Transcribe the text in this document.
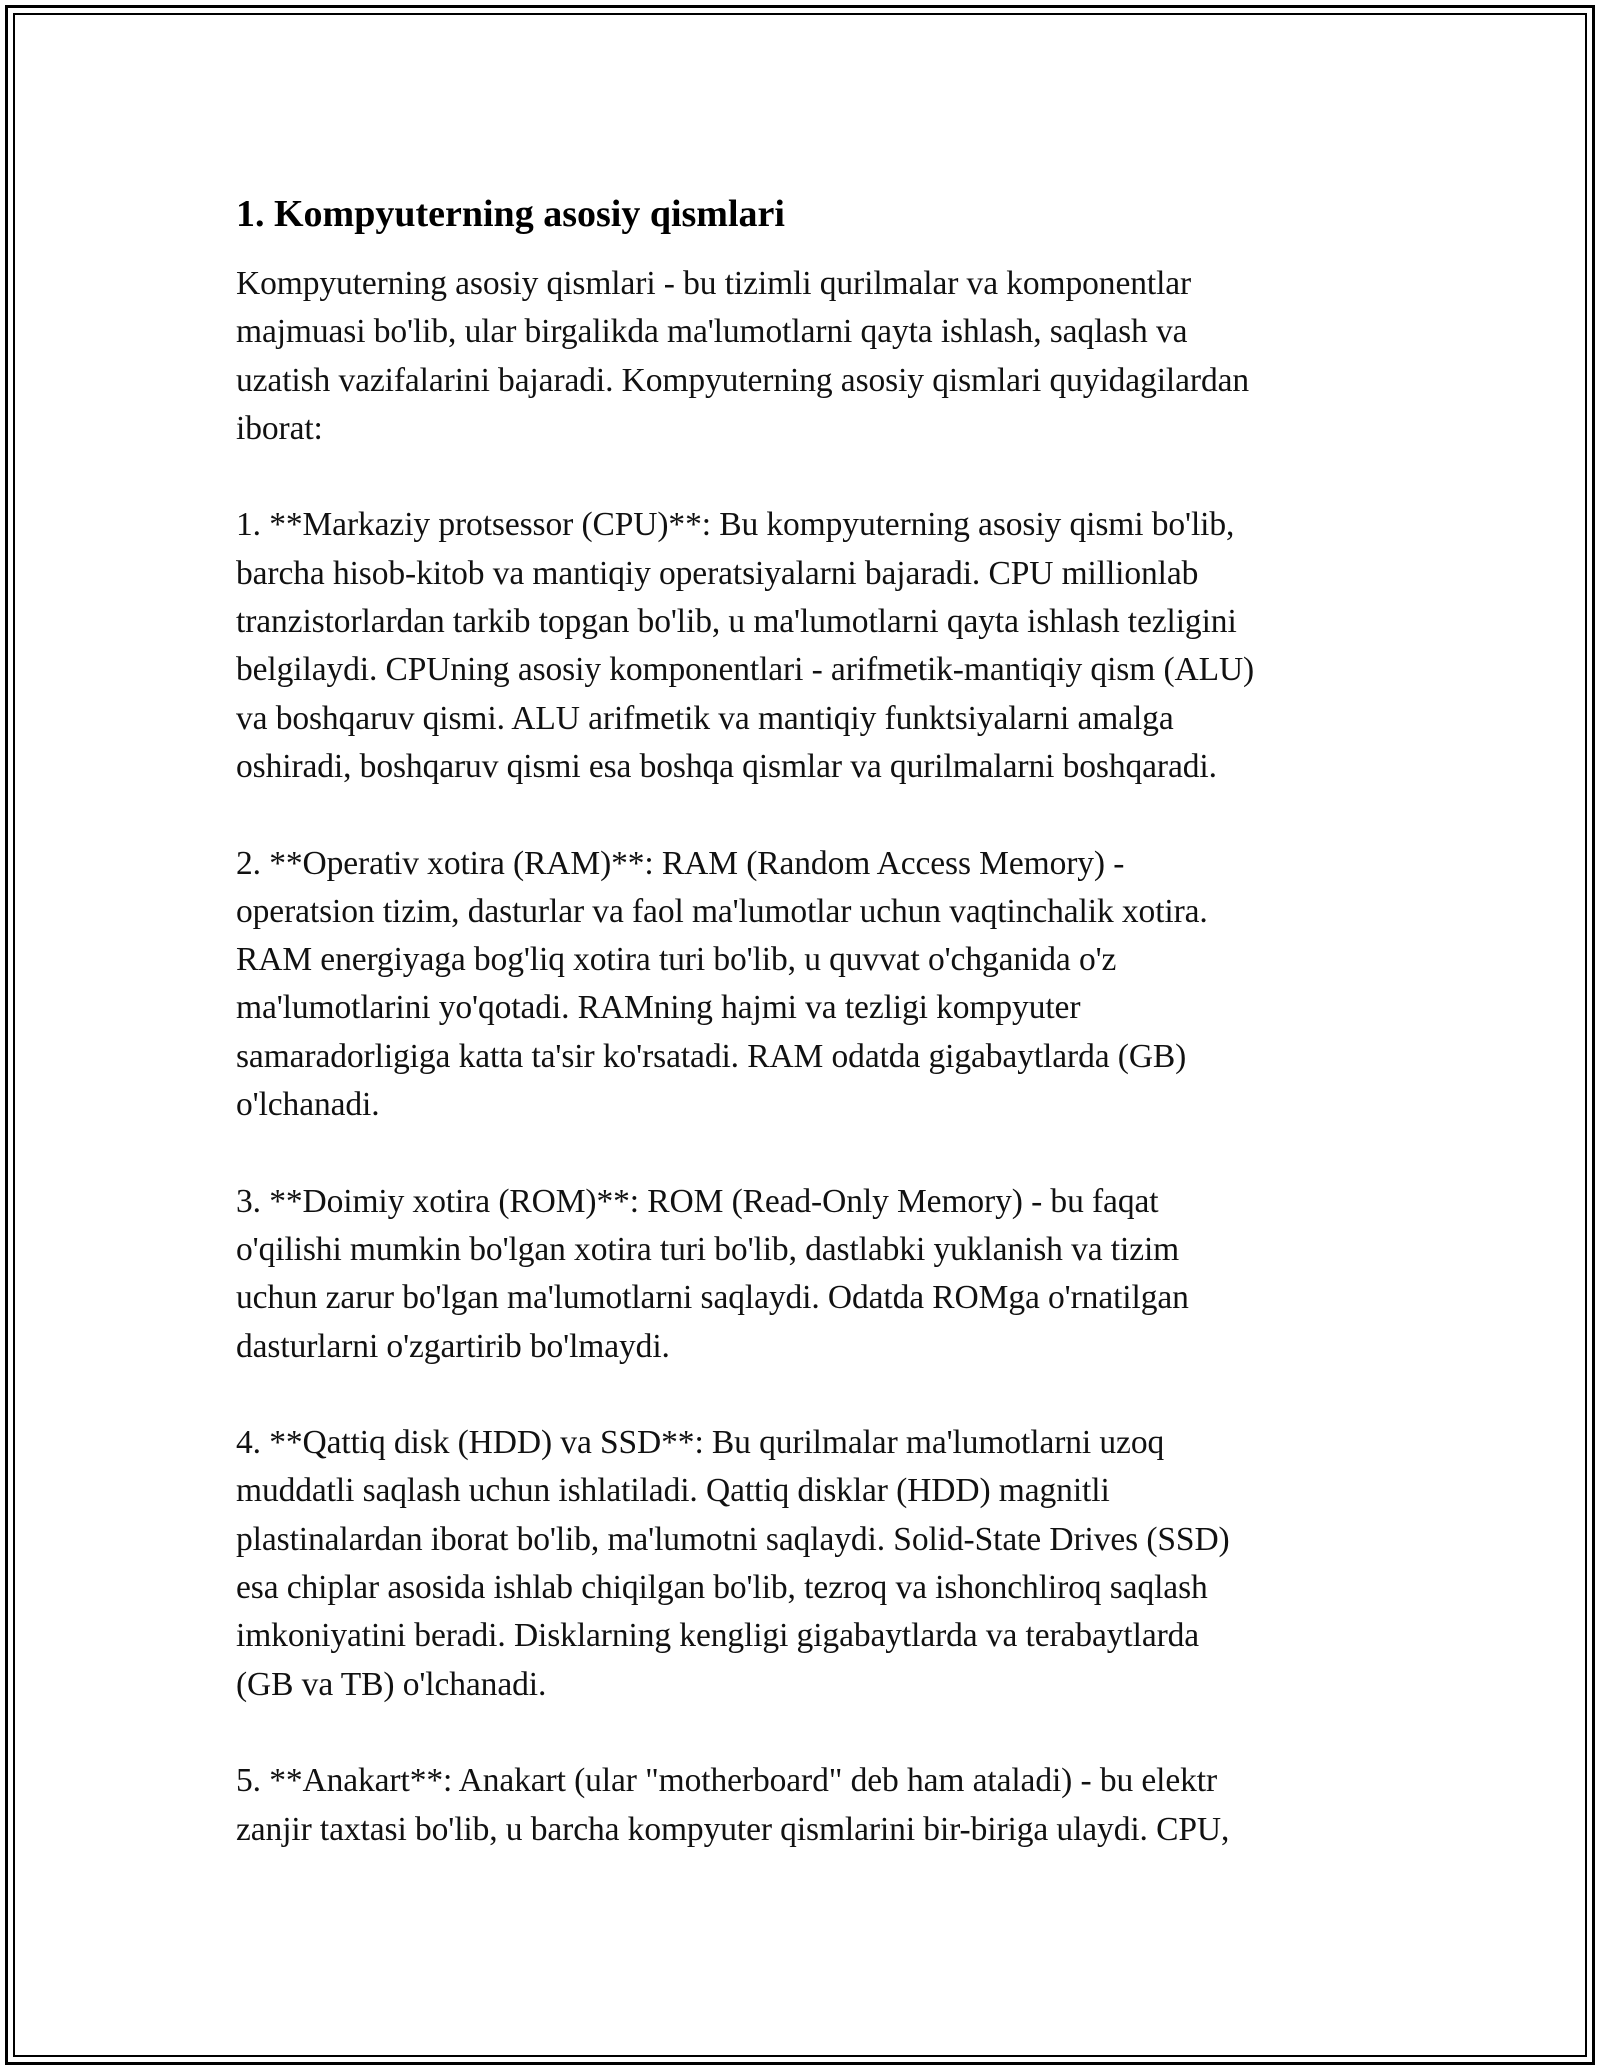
1. Kompyuterning asosiy qismlari

Kompyuterning asosiy qismlari - bu tizimli qurilmalar va komponentlar
majmuasi bo'lib, ular birgalikda ma'lumotlarni qayta ishlash, saqlash va
uzatish vazifalarini bajaradi. Kompyuterning asosiy qismlari quyidagilardan
iborat:

1. **Markaziy protsessor (CPU)**: Bu kompyuterning asosiy qismi bo'lib,
barcha hisob-kitob va mantiqiy operatsiyalarni bajaradi. CPU millionlab
tranzistorlardan tarkib topgan bo'lib, u ma'lumotlarni qayta ishlash tezligini
belgilaydi. CPUning asosiy komponentlari - arifmetik-mantiqiy qism (ALU)
va boshqaruv qismi. ALU arifmetik va mantiqiy funktsiyalarni amalga
oshiradi, boshqaruv qismi esa boshqa qismlar va qurilmalarni boshqaradi.

2. **Operativ xotira (RAM)**: RAM (Random Access Memory) -
operatsion tizim, dasturlar va faol ma'lumotlar uchun vaqtinchalik xotira.
RAM energiyaga bog'liq xotira turi bo'lib, u quvvat o'chganida o'z
ma'lumotlarini yo'qotadi. RAMning hajmi va tezligi kompyuter
samaradorligiga katta ta'sir ko'rsatadi. RAM odatda gigabaytlarda (GB)
o'lchanadi.

3. **Doimiy xotira (ROM)**: ROM (Read-Only Memory) - bu faqat
o'qilishi mumkin bo'lgan xotira turi bo'lib, dastlabki yuklanish va tizim
uchun zarur bo'lgan ma'lumotlarni saqlaydi. Odatda ROMga o'rnatilgan
dasturlarni o'zgartirib bo'lmaydi.

4. **Qattiq disk (HDD) va SSD**: Bu qurilmalar ma'lumotlarni uzoq
muddatli saqlash uchun ishlatiladi. Qattiq disklar (HDD) magnitli
plastinalardan iborat bo'lib, ma'lumotni saqlaydi. Solid-State Drives (SSD)
esa chiplar asosida ishlab chiqilgan bo'lib, tezroq va ishonchliroq saqlash
imkoniyatini beradi. Disklarning kengligi gigabaytlarda va terabaytlarda
(GB va TB) o'lchanadi.

5. **Anakart**: Anakart (ular "motherboard" deb ham ataladi) - bu elektr
zanjir taxtasi bo'lib, u barcha kompyuter qismlarini bir-biriga ulaydi. CPU,
